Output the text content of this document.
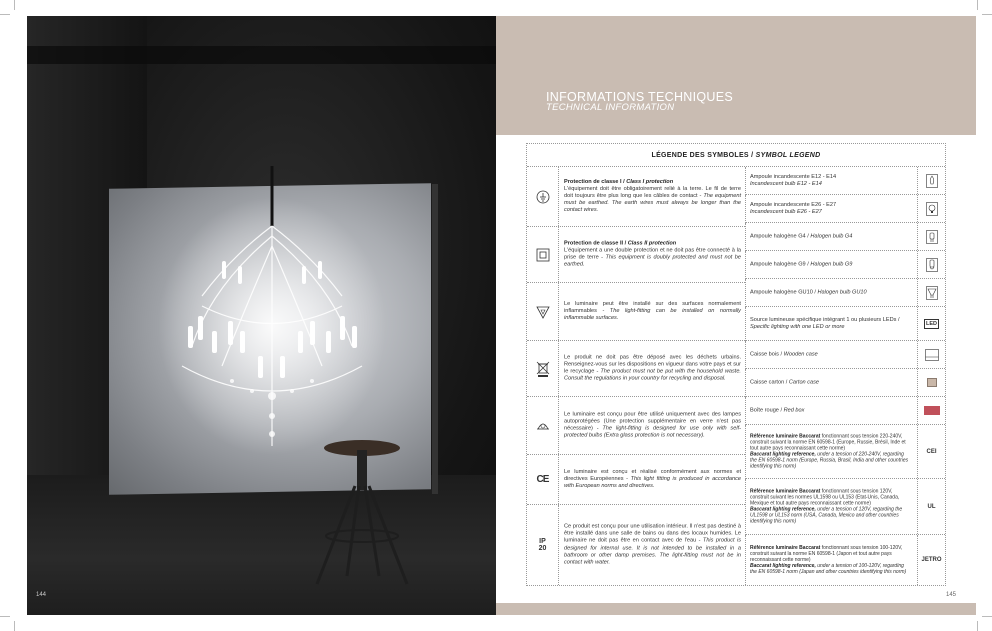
144
INFORMATIONS TECHNIQUES
TECHNICAL INFORMATION
LÉGENDE DES SYMBOLES / SYMBOL LEGEND
Protection de classe I / Class I protection
L'équipement doit être obligatoirement relié à la terre. Le fil de terre doit toujours être plus long que les câbles de contact - The equipment must be earthed. The earth wires must always be longer than the contact wires.
Protection de classe II / Class II protection
L'équipement a une double protection et ne doit pas être connecté à la prise de terre - This equipment is doubly protected and must not be earthed.
Le luminaire peut être installé sur des surfaces normalement inflammables - The light-fitting can be installed on normally inflammable surfaces.
Le produit ne doit pas être déposé avec les déchets urbains. Renseignez-vous sur les dispositions en vigueur dans votre pays et sur le recyclage - The product must not be put with the household waste. Consult the regulations in your country for recycling and disposal.
Le luminaire est conçu pour être utilisé uniquement avec des lampes autoprotégées (Une protection supplémentaire en verre n'est pas nécessaire) - The light-fitting is designed for use only with self-protected bulbs (Extra glass protection is not necessary).
CE
Le luminaire est conçu et réalisé conformément aux normes et directives Européennes - This light fitting is produced in accordance with European norms and directives.
IP
20
Ce produit est conçu pour une utilisation intérieur. Il n'est pas destiné à être installé dans une salle de bains ou dans des locaux humides. Le luminaire ne doit pas être en contact avec de l'eau - This product is designed for internal use. It is not intended to be installed in a bathroom or other damp premises. The light-fitting must not be in contact with water.
Ampoule incandescente E12 - E14
Incandescent bulb E12 - E14
Ampoule incandescente E26 - E27
Incandescent bulb E26 - E27
Ampoule halogène G4 / Halogen bulb G4
Ampoule halogène G9 / Halogen bulb G9
Ampoule halogène GU10 / Halogen bulb GU10
Source lumineuse spécifique intégrant 1 ou plusieurs LEDs / Specific lighting with one LED or more	LED
Caisse bois / Wooden case
Caisse carton / Carton case
Boîte rouge / Red box
Référence luminaire Baccarat fonctionnant sous tension 220-240V, construit suivant la norme EN 60598-1 (Europe, Russie, Brésil, Inde et tout autre pays reconnaissant cette norme)
Baccarat lighting reference, under a tension of 220-240V, regarding the EN 60598-1 norm (Europe, Russia, Brasil, India and other countries identifying this norm)
CEI
Référence luminaire Baccarat fonctionnant sous tension 120V, construit suivant les normes UL1598 ou UL153 (Etat-Unis, Canada, Mexique et tout autre pays reconnaissant cette norme)
Baccarat lighting reference, under a tension of 120V, regarding the UL1598 or UL153 norm (USA, Canada, Mexico and other countries identifying this norm)
UL
Référence luminaire Baccarat fonctionnant sous tension 100-120V, construit suivant la norme EN 60598-1 (Japon et tout autre pays reconnaissant cette norme)
Baccarat lighting reference, under a tension of 100-120V, regarding the EN 60598-1 norm (Japan and other countries identifying this norm)
JETRO
145
